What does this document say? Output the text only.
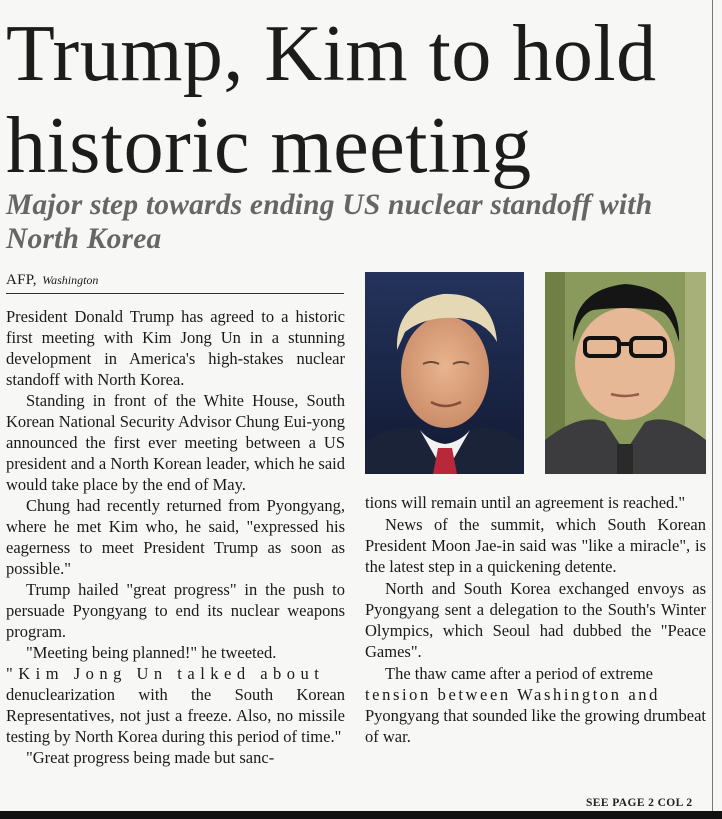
Trump, Kim to hold historic meeting
Major step towards ending US nuclear standoff with North Korea
AFP, Washington

President Donald Trump has agreed to a historic first meeting with Kim Jong Un in a stunning development in America's high-stakes nuclear standoff with North Korea.

Standing in front of the White House, South Korean National Security Advisor Chung Eui-yong announced the first ever meeting between a US president and a North Korean leader, which he said would take place by the end of May.

Chung had recently returned from Pyongyang, where he met Kim who, he said, "expressed his eagerness to meet President Trump as soon as possible."

Trump hailed "great progress" in the push to persuade Pyongyang to end its nuclear weapons program.

"Meeting being planned!" he tweeted.

"Kim Jong Un talked about

denuclearization with the South Korean Representatives, not just a freeze. Also, no missile testing by North Korea during this period of time."

"Great progress being made but sanc-

tions will remain until an agreement is reached."

News of the summit, which South Korean President Moon Jae-in said was "like a miracle", is the latest step in a quickening detente.

North and South Korea exchanged envoys as Pyongyang sent a delegation to the South's Winter Olympics, which Seoul had dubbed the "Peace Games".

The thaw came after a period of extreme

tension between Washington and

Pyongyang that sounded like the growing drumbeat of war.

SEE PAGE 2 COL 2
